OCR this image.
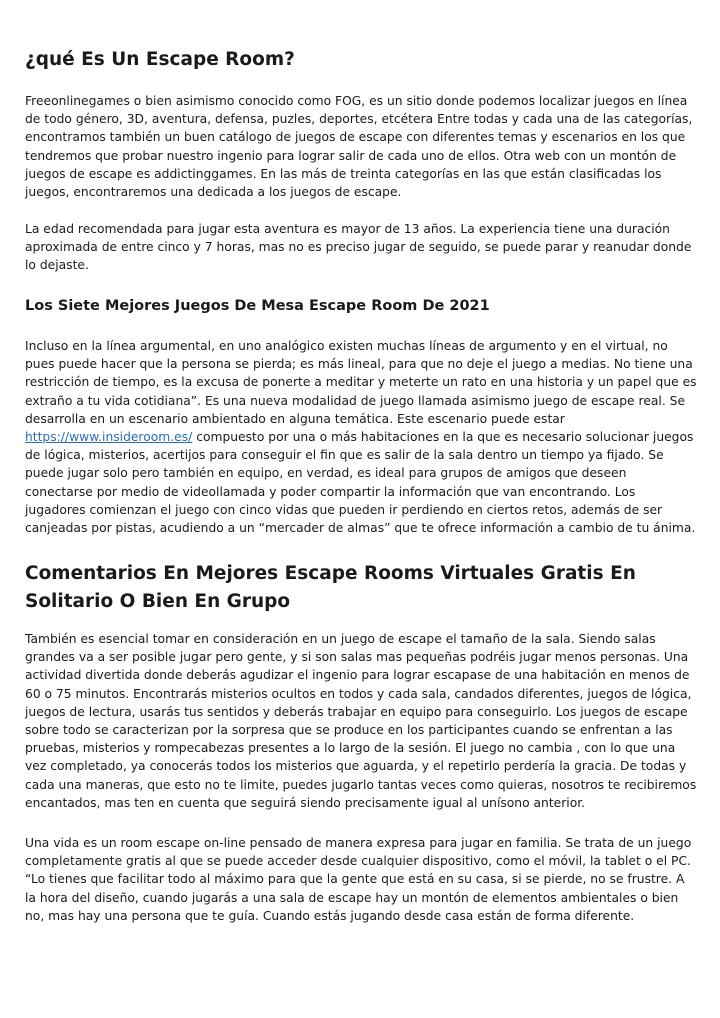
¿qué Es Un Escape Room?

Freeonlinegames o bien asimismo conocido como FOG, es un sitio donde podemos localizar juegos en línea de todo género, 3D, aventura, defensa, puzles, deportes, etcétera Entre todas y cada una de las categorías, encontramos también un buen catálogo de juegos de escape con diferentes temas y escenarios en los que tendremos que probar nuestro ingenio para lograr salir de cada uno de ellos. Otra web con un montón de juegos de escape es addictinggames. En las más de treinta categorías en las que están clasificadas los juegos, encontraremos una dedicada a los juegos de escape.

La edad recomendada para jugar esta aventura es mayor de 13 años. La experiencia tiene una duración aproximada de entre cinco y 7 horas, mas no es preciso jugar de seguido, se puede parar y reanudar donde lo dejaste.

Los Siete Mejores Juegos De Mesa Escape Room De 2021

Incluso en la línea argumental, en uno analógico existen muchas líneas de argumento y en el virtual, no pues puede hacer que la persona se pierda; es más lineal, para que no deje el juego a medias. No tiene una restricción de tiempo, es la excusa de ponerte a meditar y meterte un rato en una historia y un papel que es extraño a tu vida cotidiana”. Es una nueva modalidad de juego llamada asimismo juego de escape real. Se desarrolla en un escenario ambientado en alguna temática. Este escenario puede estar https://www.insideroom.es/ compuesto por una o más habitaciones en la que es necesario solucionar juegos de lógica, misterios, acertijos para conseguir el fin que es salir de la sala dentro un tiempo ya fijado. Se puede jugar solo pero también en equipo, en verdad, es ideal para grupos de amigos que deseen conectarse por medio de videollamada y poder compartir la información que van encontrando. Los jugadores comienzan el juego con cinco vidas que pueden ir perdiendo en ciertos retos, además de ser canjeadas por pistas, acudiendo a un “mercader de almas” que te ofrece información a cambio de tu ánima.

Comentarios En Mejores Escape Rooms Virtuales Gratis En Solitario O Bien En Grupo

También es esencial tomar en consideración en un juego de escape el tamaño de la sala. Siendo salas grandes va a ser posible jugar pero gente, y si son salas mas pequeñas podréis jugar menos personas. Una actividad divertida donde deberás agudizar el ingenio para lograr escapase de una habitación en menos de 60 o 75 minutos. Encontrarás misterios ocultos en todos y cada sala, candados diferentes, juegos de lógica, juegos de lectura, usarás tus sentidos y deberás trabajar en equipo para conseguirlo. Los juegos de escape sobre todo se caracterizan por la sorpresa que se produce en los participantes cuando se enfrentan a las pruebas, misterios y rompecabezas presentes a lo largo de la sesión. El juego no cambia , con lo que una vez completado, ya conocerás todos los misterios que aguarda, y el repetirlo perdería la gracia. De todas y cada una maneras, que esto no te limite, puedes jugarlo tantas veces como quieras, nosotros te recibiremos encantados, mas ten en cuenta que seguirá siendo precisamente igual al unísono anterior.

Una vida es un room escape on-line pensado de manera expresa para jugar en familia. Se trata de un juego completamente gratis al que se puede acceder desde cualquier dispositivo, como el móvil, la tablet o el PC. “Lo tienes que facilitar todo al máximo para que la gente que está en su casa, si se pierde, no se frustre. A la hora del diseño, cuando jugarás a una sala de escape hay un montón de elementos ambientales o bien no, mas hay una persona que te guía. Cuando estás jugando desde casa están de forma diferente.
